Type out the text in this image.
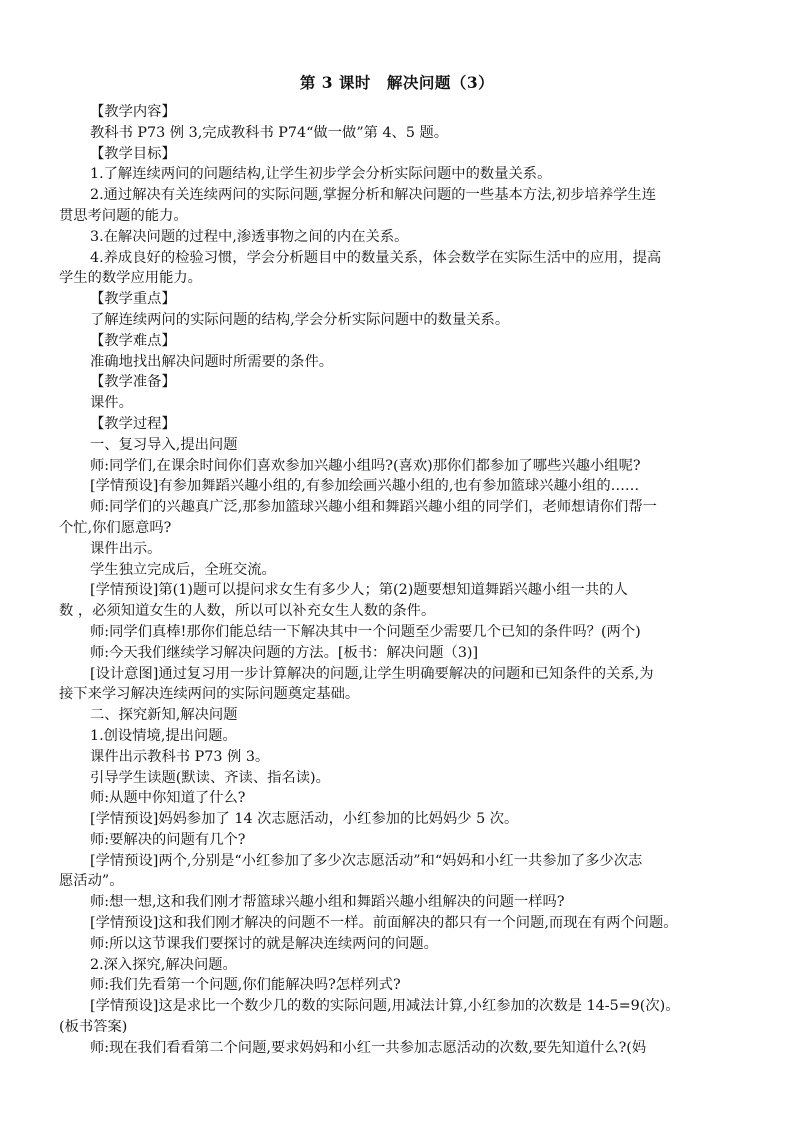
第 3 课时　解决问题（3）
【教学内容】
教科书 P73 例 3,完成教科书 P74“做一做”第 4、5 题。
【教学目标】
1.了解连续两问的问题结构,让学生初步学会分析实际问题中的数量关系。
2.通过解决有关连续两问的实际问题,掌握分析和解决问题的一些基本方法,初步培养学生连
贯思考问题的能力。
3.在解决问题的过程中,渗透事物之间的内在关系。
4.养成良好的检验习惯，学会分析题目中的数量关系，体会数学在实际生活中的应用，提高
学生的数学应用能力。
【教学重点】
了解连续两问的实际问题的结构,学会分析实际问题中的数量关系。
【教学难点】
准确地找出解决问题时所需要的条件。
【教学准备】
课件。
【教学过程】
一、复习导入,提出问题
师:同学们,在课余时间你们喜欢参加兴趣小组吗?(喜欢)那你们都参加了哪些兴趣小组呢?
[学情预设]有参加舞蹈兴趣小组的,有参加绘画兴趣小组的,也有参加篮球兴趣小组的……
师:同学们的兴趣真广泛,那参加篮球兴趣小组和舞蹈兴趣小组的同学们，老师想请你们帮一
个忙,你们愿意吗?
课件出示。
学生独立完成后，全班交流。
[学情预设]第(1)题可以提问求女生有多少人；第(2)题要想知道舞蹈兴趣小组一共的人
数 ，必须知道女生的人数，所以可以补充女生人数的条件。
师:同学们真棒!那你们能总结一下解决其中一个问题至少需要几个已知的条件吗？(两个)
师:今天我们继续学习解决问题的方法。[板书：解决问题（3)]
[设计意图]通过复习用一步计算解决的问题,让学生明确要解决的问题和已知条件的关系,为
接下来学习解决连续两问的实际问题奠定基础。
二、探究新知,解决问题
1.创设情境,提出问题。
课件出示教科书 P73 例 3。
引导学生读题(默读、齐读、指名读)。
师:从题中你知道了什么?
[学情预设]妈妈参加了 14 次志愿活动，小红参加的比妈妈少 5 次。
师:要解决的问题有几个?
[学情预设]两个,分别是“小红参加了多少次志愿活动”和“妈妈和小红一共参加了多少次志
愿活动”。
师:想一想,这和我们刚才帮篮球兴趣小组和舞蹈兴趣小组解决的问题一样吗?
[学情预设]这和我们刚才解决的问题不一样。前面解决的都只有一个问题,而现在有两个问题。
师:所以这节课我们要探讨的就是解决连续两问的问题。
2.深入探究,解决问题。
师:我们先看第一个问题,你们能解决吗?怎样列式?
[学情预设]这是求比一个数少几的数的实际问题,用减法计算,小红参加的次数是 14-5=9(次)。
(板书答案)
师:现在我们看看第二个问题,要求妈妈和小红一共参加志愿活动的次数,要先知道什么?(妈
